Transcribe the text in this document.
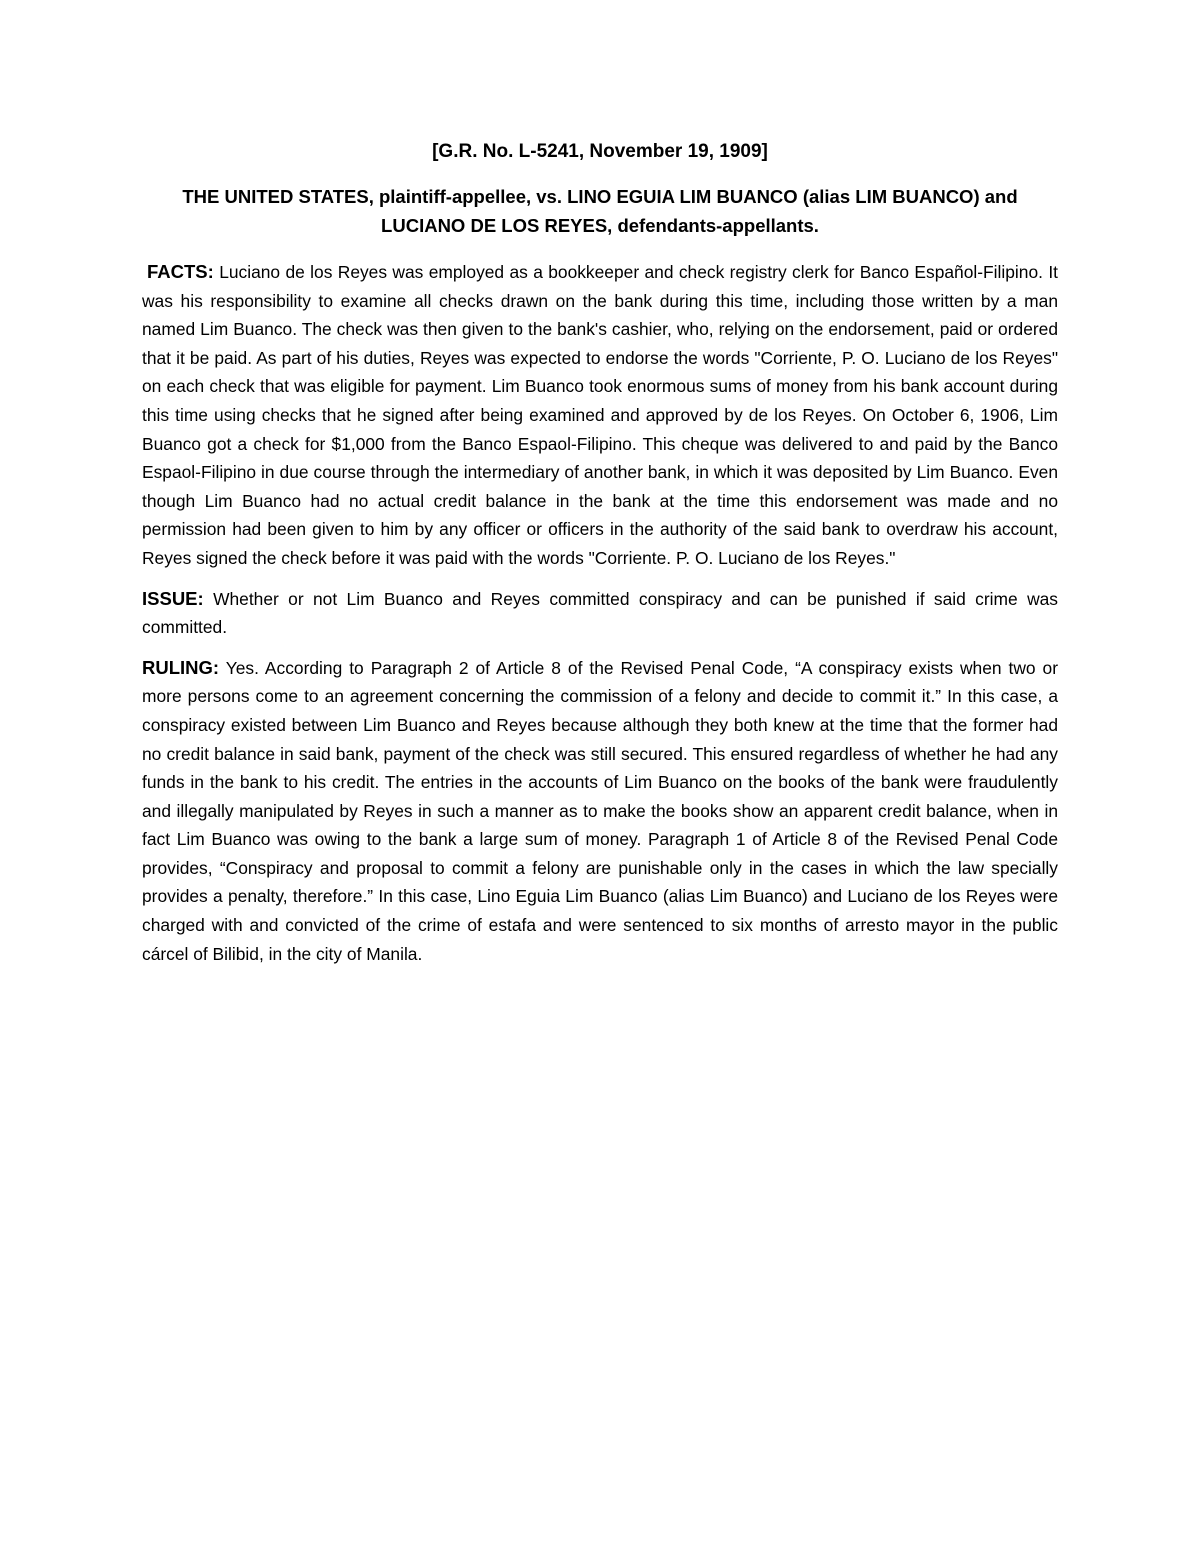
[G.R. No. L-5241, November 19, 1909]

THE UNITED STATES, plaintiff-appellee, vs. LINO EGUIA LIM BUANCO (alias LIM BUANCO) and LUCIANO DE LOS REYES, defendants-appellants.

FACTS: Luciano de los Reyes was employed as a bookkeeper and check registry clerk for Banco Español-Filipino. It was his responsibility to examine all checks drawn on the bank during this time, including those written by a man named Lim Buanco. The check was then given to the bank's cashier, who, relying on the endorsement, paid or ordered that it be paid. As part of his duties, Reyes was expected to endorse the words "Corriente, P. O. Luciano de los Reyes" on each check that was eligible for payment. Lim Buanco took enormous sums of money from his bank account during this time using checks that he signed after being examined and approved by de los Reyes. On October 6, 1906, Lim Buanco got a check for $1,000 from the Banco Espaol-Filipino. This cheque was delivered to and paid by the Banco Espaol-Filipino in due course through the intermediary of another bank, in which it was deposited by Lim Buanco. Even though Lim Buanco had no actual credit balance in the bank at the time this endorsement was made and no permission had been given to him by any officer or officers in the authority of the said bank to overdraw his account, Reyes signed the check before it was paid with the words "Corriente. P. O. Luciano de los Reyes."

ISSUE: Whether or not Lim Buanco and Reyes committed conspiracy and can be punished if said crime was committed.

RULING: Yes. According to Paragraph 2 of Article 8 of the Revised Penal Code, “A conspiracy exists when two or more persons come to an agreement concerning the commission of a felony and decide to commit it.” In this case, a conspiracy existed between Lim Buanco and Reyes because although they both knew at the time that the former had no credit balance in said bank, payment of the check was still secured. This ensured regardless of whether he had any funds in the bank to his credit. The entries in the accounts of Lim Buanco on the books of the bank were fraudulently and illegally manipulated by Reyes in such a manner as to make the books show an apparent credit balance, when in fact Lim Buanco was owing to the bank a large sum of money. Paragraph 1 of Article 8 of the Revised Penal Code provides, “Conspiracy and proposal to commit a felony are punishable only in the cases in which the law specially provides a penalty, therefore.” In this case, Lino Eguia Lim Buanco (alias Lim Buanco) and Luciano de los Reyes were charged with and convicted of the crime of estafa and were sentenced to six months of arresto mayor in the public cárcel of Bilibid, in the city of Manila.
